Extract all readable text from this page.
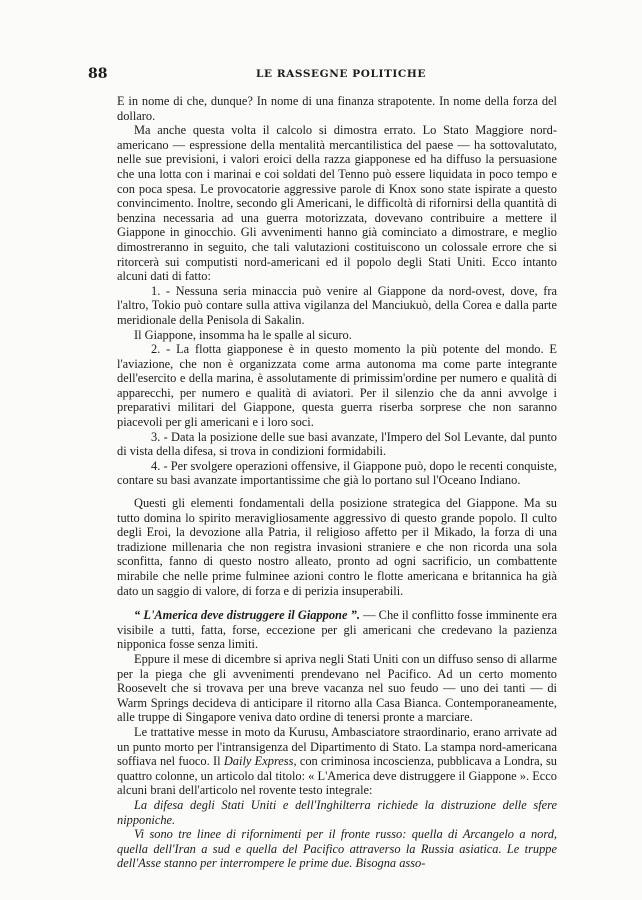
88	LE RASSEGNE POLITICHE

E in nome di che, dunque? In nome di una finanza strapotente. In nome della forza del dollaro.

Ma anche questa volta il calcolo si dimostra errato. Lo Stato Maggiore nord-americano — espressione della mentalità mercantilistica del paese — ha sottovalutato, nelle sue previsioni, i valori eroici della razza giapponese ed ha diffuso la persuasione che una lotta con i marinai e coi soldati del Tenno può essere liquidata in poco tempo e con poca spesa. Le provocatorie aggressive parole di Knox sono state ispirate a questo convincimento. Inoltre, secondo gli Americani, le difficoltà di rifornirsi della quantità di benzina necessaria ad una guerra motorizzata, dovevano contribuire a mettere il Giappone in ginocchio. Gli avvenimenti hanno già cominciato a dimostrare, e meglio dimostreranno in seguito, che tali valutazioni costituiscono un colossale errore che si ritorcerà sui computisti nord-americani ed il popolo degli Stati Uniti. Ecco intanto alcuni dati di fatto:

1. - Nessuna seria minaccia può venire al Giappone da nord-ovest, dove, fra l'altro, Tokio può contare sulla attiva vigilanza del Manciukuò, della Corea e dalla parte meridionale della Penisola di Sakalin.

Il Giappone, insomma ha le spalle al sicuro.

2. - La flotta giapponese è in questo momento la più potente del mondo. E l'aviazione, che non è organizzata come arma autonoma ma come parte integrante dell'esercito e della marina, è assolutamente di primissim'ordine per numero e qualità di apparecchi, per numero e qualità di aviatori. Per il silenzio che da anni avvolge i preparativi militari del Giappone, questa guerra riserba sorprese che non saranno piacevoli per gli americani e i loro soci.

3. - Data la posizione delle sue basi avanzate, l'Impero del Sol Levante, dal punto di vista della difesa, si trova in condizioni formidabili.

4. - Per svolgere operazioni offensive, il Giappone può, dopo le recenti conquiste, contare su basi avanzate importantissime che già lo portano sul l'Oceano Indiano.

Questi gli elementi fondamentali della posizione strategica del Giappone. Ma su tutto domina lo spirito meravigliosamente aggressivo di questo grande popolo. Il culto degli Eroi, la devozione alla Patria, il religioso affetto per il Mikado, la forza di una tradizione millenaria che non registra invasioni straniere e che non ricorda una sola sconfitta, fanno di questo nostro alleato, pronto ad ogni sacrificio, un combattente mirabile che nelle prime fulminee azioni contro le flotte americana e britannica ha già dato un saggio di valore, di forza e di perizia insuperabili.

“ L'America deve distruggere il Giappone ”. — Che il conflitto fosse imminente era visibile a tutti, fatta, forse, eccezione per gli americani che credevano la pazienza nipponica fosse senza limiti.

Eppure il mese di dicembre si apriva negli Stati Uniti con un diffuso senso di allarme per la piega che gli avvenimenti prendevano nel Pacifico. Ad un certo momento Roosevelt che si trovava per una breve vacanza nel suo feudo — uno dei tanti — di Warm Springs decideva di anticipare il ritorno alla Casa Bianca. Contemporaneamente, alle truppe di Singapore veniva dato ordine di tenersi pronte a marciare.

Le trattative messe in moto da Kurusu, Ambasciatore straordinario, erano arrivate ad un punto morto per l'intransigenza del Dipartimento di Stato. La stampa nord-americana soffiava nel fuoco. Il Daily Express, con criminosa incoscienza, pubblicava a Londra, su quattro colonne, un articolo dal titolo: « L'America deve distruggere il Giappone ». Ecco alcuni brani dell'articolo nel rovente testo integrale:

La difesa degli Stati Uniti e dell'Inghilterra richiede la distruzione delle sfere nipponiche.

Vi sono tre linee di rifornimenti per il fronte russo: quella di Arcangelo a nord, quella dell'Iran a sud e quella del Pacifico attraverso la Russia asiatica. Le truppe dell'Asse stanno per interrompere le prime due. Bisogna asso-
